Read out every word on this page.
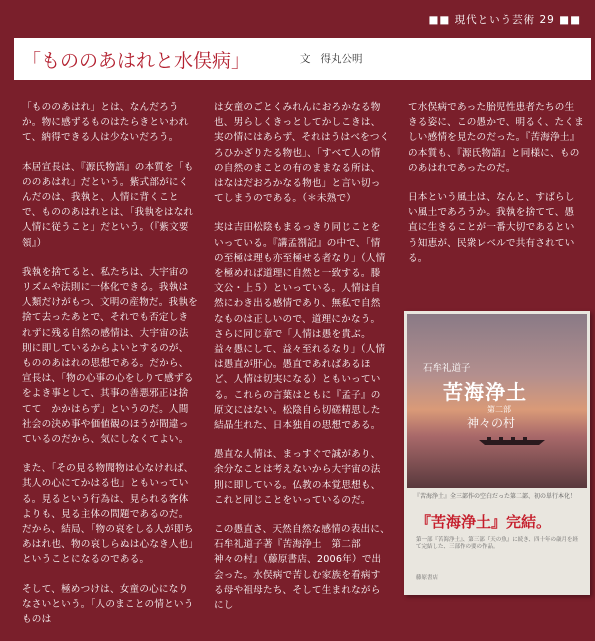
■■ 現代という芸術 29 ■■
「もののあはれと水俣病」	文 得丸公明

「もののあはれ」とは、なんだろうか。物に感ずるものはたらきといわれて、納得できる人は少ないだろう。

本居宣長は、『源氏物語』の本質を「もののあはれ」だという。紫式部がにくんだのは、我執と、人情に背くことで、もののあはれとは、「我執をはなれ人情に従うこと」だという。（『紫文要領』）

我執を捨てると、私たちは、大宇宙のリズムや法則に一体化できる。我執は人類だけがもつ、文明の産物だ。我執を捨て去ったあとで、それでも否定しきれずに残る自然の感情は、大宇宙の法則に即しているからよいとするのが、もののあはれの思想である。だから、宣長は、「物の心事の心をしりて感ずるをよき事として、其事の善悪邪正は捨てて　かかはらず」というのだ。人間社会の決め事や価値観のほうが間違っているのだから、気にしなくてよい。

また、「その見る物聞物は心なければ、其人の心にてかはる也」ともいっている。見るという行為は、見られる客体よりも、見る主体の問題であるのだ。だから、結局、「物の哀をしる人が即ちあはれ也、物の哀しらぬは心なき人也」ということになるのである。

そして、極めつけは、女童の心になりなさいという。「人のまことの情というものは

は女童のごとくみれんにおろかなる物也、男らしくきっとしてかしこきは、実の情にはあらず、それはうはべをつくろひかざりたる物也」、「すべて人の情の自然のまことの有のままなる所は、はなはだおろかなる物也」と言い切ってしまうのである。（＊未熟で）

実は吉田松陰もまるっきり同じことをいっている。『講孟劄記』の中で、「情の至極は理も亦至極せる者なり」（人情を極めれば道理に自然と一致する。滕文公・上５）といっている。人情は自然にわき出る感情であり、無私で自然なものは正しいので、道理にかなう。さらに同じ章で「人情は愚を貴ぶ。益々愚にして、益々至れるなり」（人情は愚直が肝心。愚直であればあるほど、人情は切実になる）ともいっている。これらの言葉はともに『孟子』の原文にはない。松陰自ら切磋精思した結晶生れた、日本独自の思想である。

愚直な人情は、まっすぐで誠があり、余分なことは考えないから大宇宙の法則に即している。仏教の本覚思想も、これと同じことをいっているのだ。

この愚直さ、天然自然な感情の表出に、石牟礼道子著『苦海浄土　第二部　神々の村』（藤原書店、2006年）で出会った。水俣病で苦しむ家族を看病する母や祖母たち、そして生まれながらにし

て水俣病であった胎児性患者たちの生きる姿に、この愚かで、明るく、たくましい感情を見たのだった。『苦海浄土』の本質も、『源氏物語』と同様に、もののあはれであったのだ。

日本という風土は、なんと、すばらしい風土であろうか。我執を捨てて、愚直に生きることが一番大切であるという知恵が、民衆レベルで共有されている。

石牟礼道子
苦海浄土
第二部
神々の村
『苦海浄土』全三部作の空白だった第二部、初の単行本化！
『苦海浄土』完結。
第一部『苦海浄土』、第三部『天の魚』に続き、四十年の歳月を経て完結した、三部作の要の作品。
藤原書店
